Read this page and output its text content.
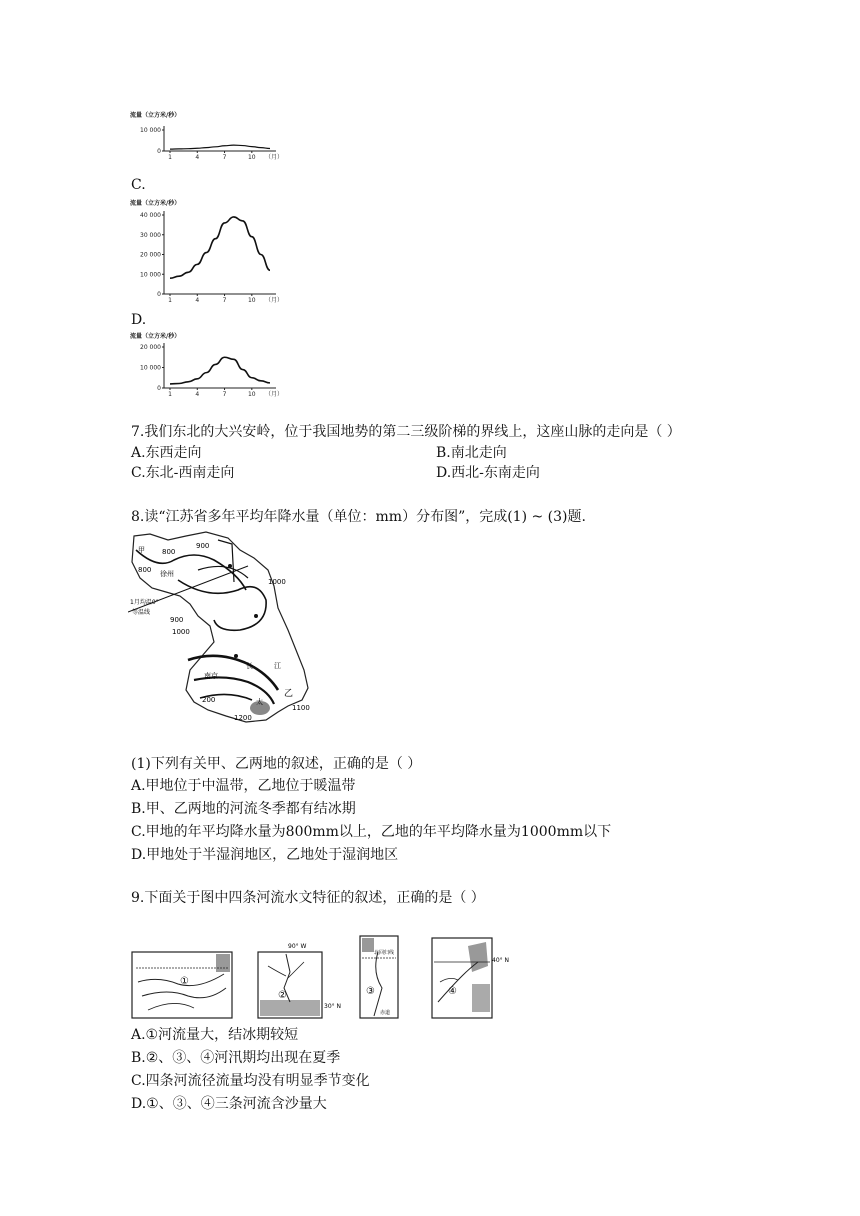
流量（立方米/秒）
10 000
0
1	4	7	10 （月）
C.
流量（立方米/秒）
40 000
30 000
20 000
10 000
0
1	4	7	10 （月）
D.
流量（立方米/秒）
20 000
10 000
0
1	4	7	10 （月）
7.我们东北的大兴安岭，位于我国地势的第二三级阶梯的界线上，这座山脉的走向是（ ）
A.东西走向	B.南北走向
C.东北-西南走向	D.西北-东南走向
8.读“江苏省多年平均年降水量（单位：mm）分布图”，完成(1) ~ (3)题.
甲 800
800
900
徐州
1000
1月均温0°
等温线
900
1000
南京
长	江
乙
1100
200
1200
太
(1)下列有关甲、乙两地的叙述，正确的是（ ）
A.甲地位于中温带，乙地位于暖温带
B.甲、乙两地的河流冬季都有结冰期
C.甲地的年平均降水量为800mm以上，乙地的年平均降水量为1000mm以下
D.甲地处于半湿润地区，乙地处于湿润地区
9.下面关于图中四条河流水文特征的叙述，正确的是（ ）
①
90° W
②
30° N
北回归线
③
赤道
40° N
④
A.①河流量大，结冰期较短
B.②、③、④河汛期均出现在夏季
C.四条河流径流量均没有明显季节变化
D.①、③、④三条河流含沙量大
